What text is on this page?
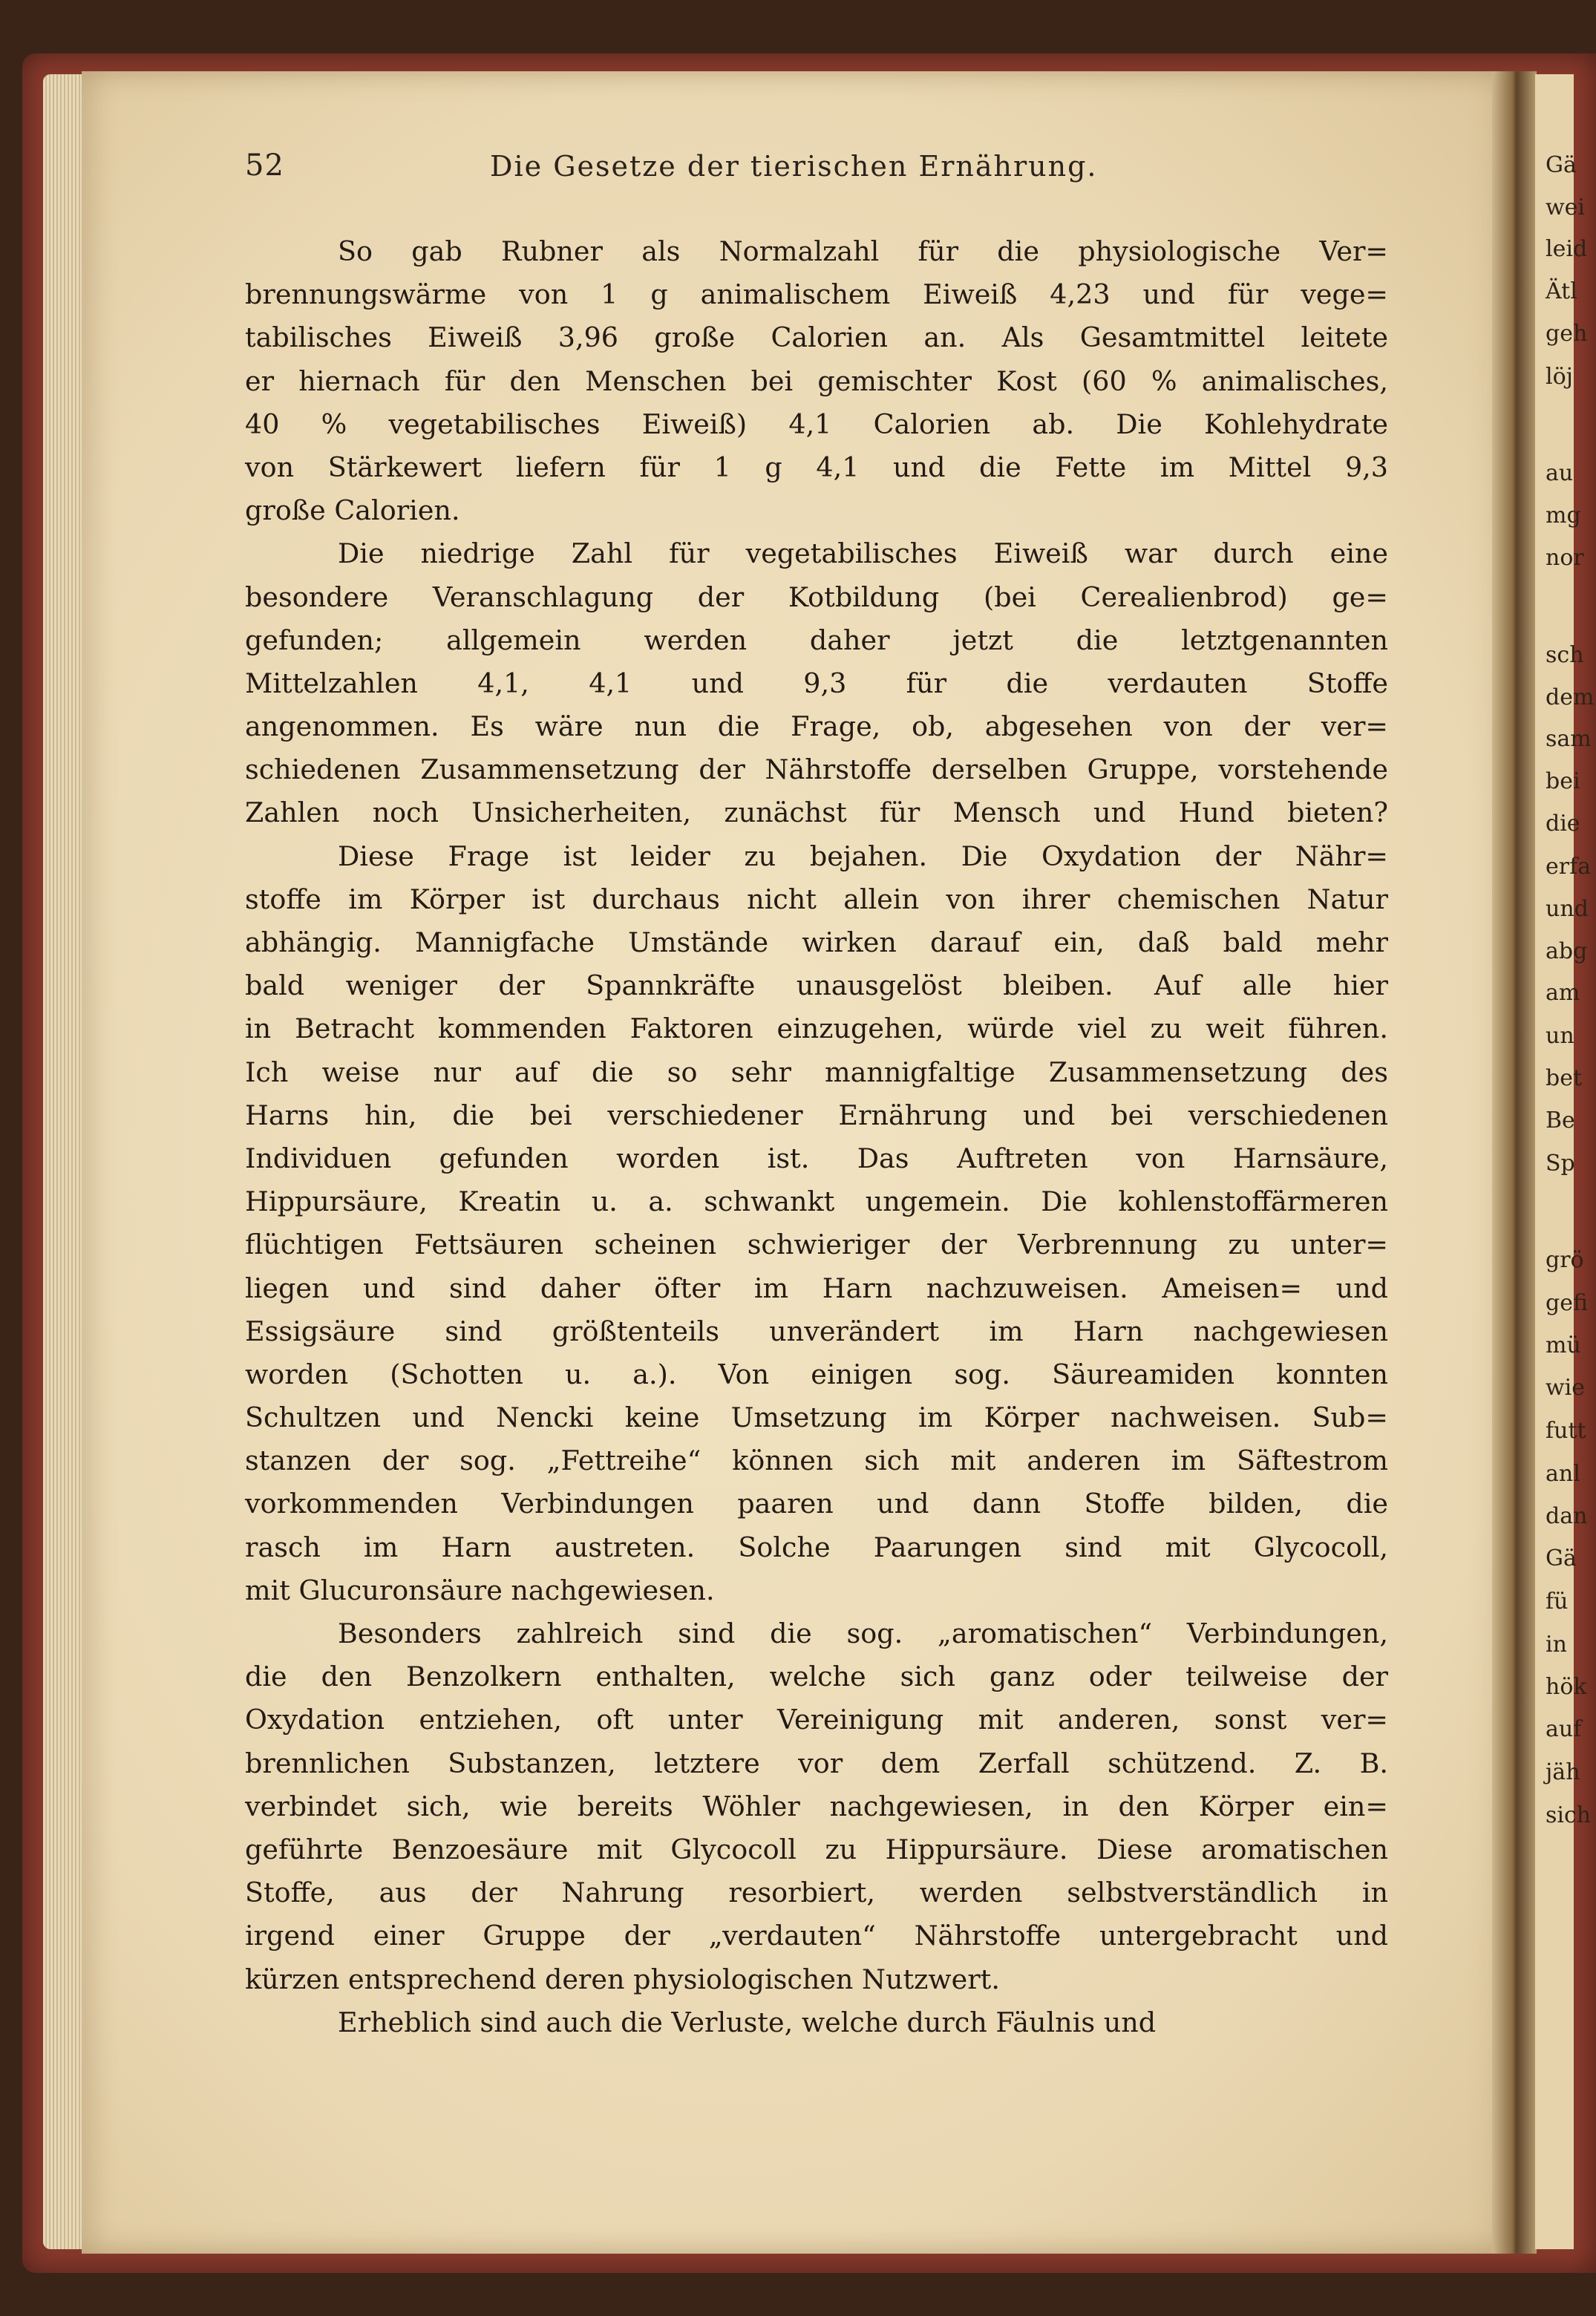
Gä

wei

leid

Ätl

geh

löj

au

mg

nor

sch

dem

sam

bei

die

erfa

und

abg

am

un

bet

Be

Sp

grö

gefi

mü

wie

futt

anl

dan

Gä

fü

in

hök

auf

jäh

sich

52	Die Gesetze der tierischen Ernährung.
So gab Rubner als Normalzahl für die physiologische Ver=
brennungswärme von 1 g animalischem Eiweiß 4,23 und für vege=
tabilisches Eiweiß 3,96 große Calorien an. Als Gesamtmittel leitete
er hiernach für den Menschen bei gemischter Kost (60 % animalisches,
40 % vegetabilisches Eiweiß) 4,1 Calorien ab. Die Kohlehydrate
von Stärkewert liefern für 1 g 4,1 und die Fette im Mittel 9,3
große Calorien.
Die niedrige Zahl für vegetabilisches Eiweiß war durch eine
besondere Veranschlagung der Kotbildung (bei Cerealienbrod) ge=
gefunden; allgemein werden daher jetzt die letztgenannten
Mittelzahlen 4,1, 4,1 und 9,3 für die verdauten Stoffe
angenommen. Es wäre nun die Frage, ob, abgesehen von der ver=
schiedenen Zusammensetzung der Nährstoffe derselben Gruppe, vorstehende
Zahlen noch Unsicherheiten, zunächst für Mensch und Hund bieten?
Diese Frage ist leider zu bejahen. Die Oxydation der Nähr=
stoffe im Körper ist durchaus nicht allein von ihrer chemischen Natur
abhängig. Mannigfache Umstände wirken darauf ein, daß bald mehr
bald weniger der Spannkräfte unausgelöst bleiben. Auf alle hier
in Betracht kommenden Faktoren einzugehen, würde viel zu weit führen.
Ich weise nur auf die so sehr mannigfaltige Zusammensetzung des
Harns hin, die bei verschiedener Ernährung und bei verschiedenen
Individuen gefunden worden ist. Das Auftreten von Harnsäure,
Hippursäure, Kreatin u. a. schwankt ungemein. Die kohlenstoffärmeren
flüchtigen Fettsäuren scheinen schwieriger der Verbrennung zu unter=
liegen und sind daher öfter im Harn nachzuweisen. Ameisen= und
Essigsäure sind größtenteils unverändert im Harn nachgewiesen
worden (Schotten u. a.). Von einigen sog. Säureamiden konnten
Schultzen und Nencki keine Umsetzung im Körper nachweisen. Sub=
stanzen der sog. „Fettreihe“ können sich mit anderen im Säftestrom
vorkommenden Verbindungen paaren und dann Stoffe bilden, die
rasch im Harn austreten. Solche Paarungen sind mit Glycocoll,
mit Glucuronsäure nachgewiesen.
Besonders zahlreich sind die sog. „aromatischen“ Verbindungen,
die den Benzolkern enthalten, welche sich ganz oder teilweise der
Oxydation entziehen, oft unter Vereinigung mit anderen, sonst ver=
brennlichen Substanzen, letztere vor dem Zerfall schützend. Z. B.
verbindet sich, wie bereits Wöhler nachgewiesen, in den Körper ein=
geführte Benzoesäure mit Glycocoll zu Hippursäure. Diese aromatischen
Stoffe, aus der Nahrung resorbiert, werden selbstverständlich in
irgend einer Gruppe der „verdauten“ Nährstoffe untergebracht und
kürzen entsprechend deren physiologischen Nutzwert.
Erheblich sind auch die Verluste, welche durch Fäulnis und
